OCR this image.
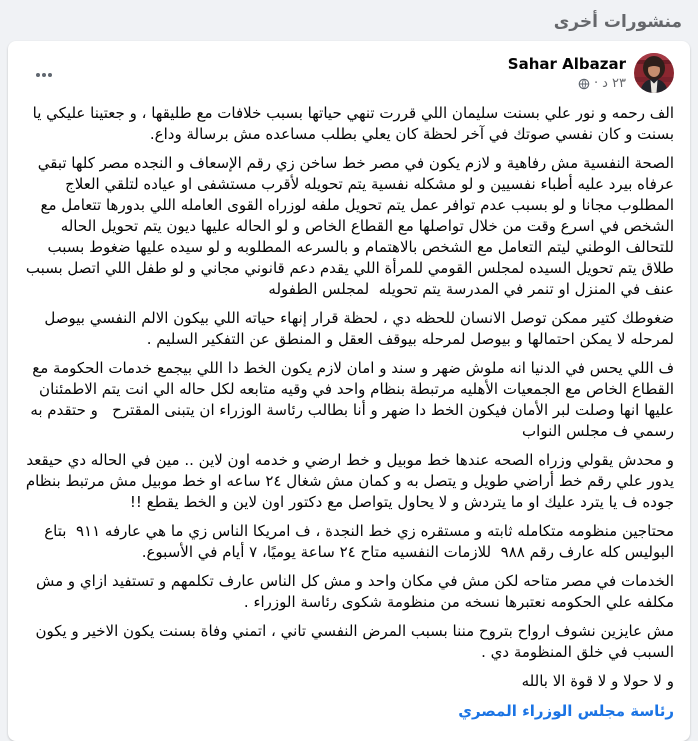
منشورات أخرى
Sahar Albazar
٢٣ د
·

الف رحمه و نور علي بسنت سليمان اللي قررت تنهي حياتها بسبب خلافات مع طليقها ، و جعتينا عليكي يا بسنت و كان نفسي صوتك في آخر لحظة كان يعلي بطلب مساعده مش برسالة وداع.

الصحة النفسية مش رفاهية و لازم يكون في مصر خط ساخن زي رقم الإسعاف و النجده مصر كلها تبقي عرفاه بيرد عليه أطباء نفسيين و لو مشكله نفسية يتم تحويله لأقرب مستشفى او عياده لتلقي العلاج المطلوب مجانا و لو بسبب عدم توافر عمل يتم تحويل ملفه لوزراه القوى العامله اللي بدورها تتعامل مع الشخص في اسرع وقت من خلال تواصلها مع القطاع الخاص و لو الحاله عليها ديون يتم تحويل الحاله للتحالف الوطني ليتم التعامل مع الشخص بالاهتمام و بالسرعه المطلوبه و لو سيده عليها ضغوط بسبب طلاق يتم تحويل السيده لمجلس القومي للمرأة اللي يقدم دعم قانوني مجاني و لو طفل اللي اتصل بسبب عنف في المنزل او تنمر في المدرسة يتم تحويله  لمجلس الطفوله

ضغوطك كتير ممكن توصل الانسان للحظه دي ، لحظة قرار إنهاء حياته اللي بيكون الالم النفسي بيوصل لمرحله لا يمكن احتمالها و بيوصل لمرحله بيوقف العقل و المنطق عن التفكير السليم .

ف اللي يحس في الدنيا انه ملوش ضهر و سند و امان لازم يكون الخط دا اللي بيجمع خدمات الحكومة مع القطاع الخاص مع الجمعيات الأهليه مرتبطة بنظام واحد في وقيه متابعه لكل حاله الي انت يتم الاطمئنان عليها انها وصلت لبر الأمان فيكون الخط دا ضهر و أنا بطالب رئاسة الوزراء ان يتبنى المقترح   و حتقدم به رسمي ف مجلس النواب

و محدش يقولي وزراه الصحه عندها خط موبيل و خط ارضي و خدمه اون لاين .. مين في الحاله دي حيقعد يدور علي رقم خط أراضي طويل و يتصل به و كمان مش شغال ٢٤ ساعه او خط موبيل مش مرتبط بنظام جوده ف يا يترد عليك او ما يتردش و لا يحاول يتواصل مع دكتور اون لاين و الخط يقطع !!

محتاجين منظومه متكامله ثابته و مستقره زي خط النجدة ، ف امريكا الناس زي ما هي عارفه ٩١١  بتاع البوليس كله عارف رقم ٩٨٨  للازمات النفسيه متاح ٢٤ ساعة يوميًا، ٧ أيام في الأسبوع.

الخدمات في مصر متاحه لكن مش في مكان واحد و مش كل الناس عارف تكلمهم و تستفيد ازاي و مش مكلفه علي الحكومه نعتبرها نسخه من منظومة شكوى رئاسة الوزراء .

مش عايزين نشوف ارواح بتروح مننا بسبب المرض النفسي تاني ، اتمني وفاة بسنت يكون الاخير و يكون السبب في خلق المنظومة دي .

و لا حولا و لا قوة الا بالله

رئاسة مجلس الوزراء المصري
